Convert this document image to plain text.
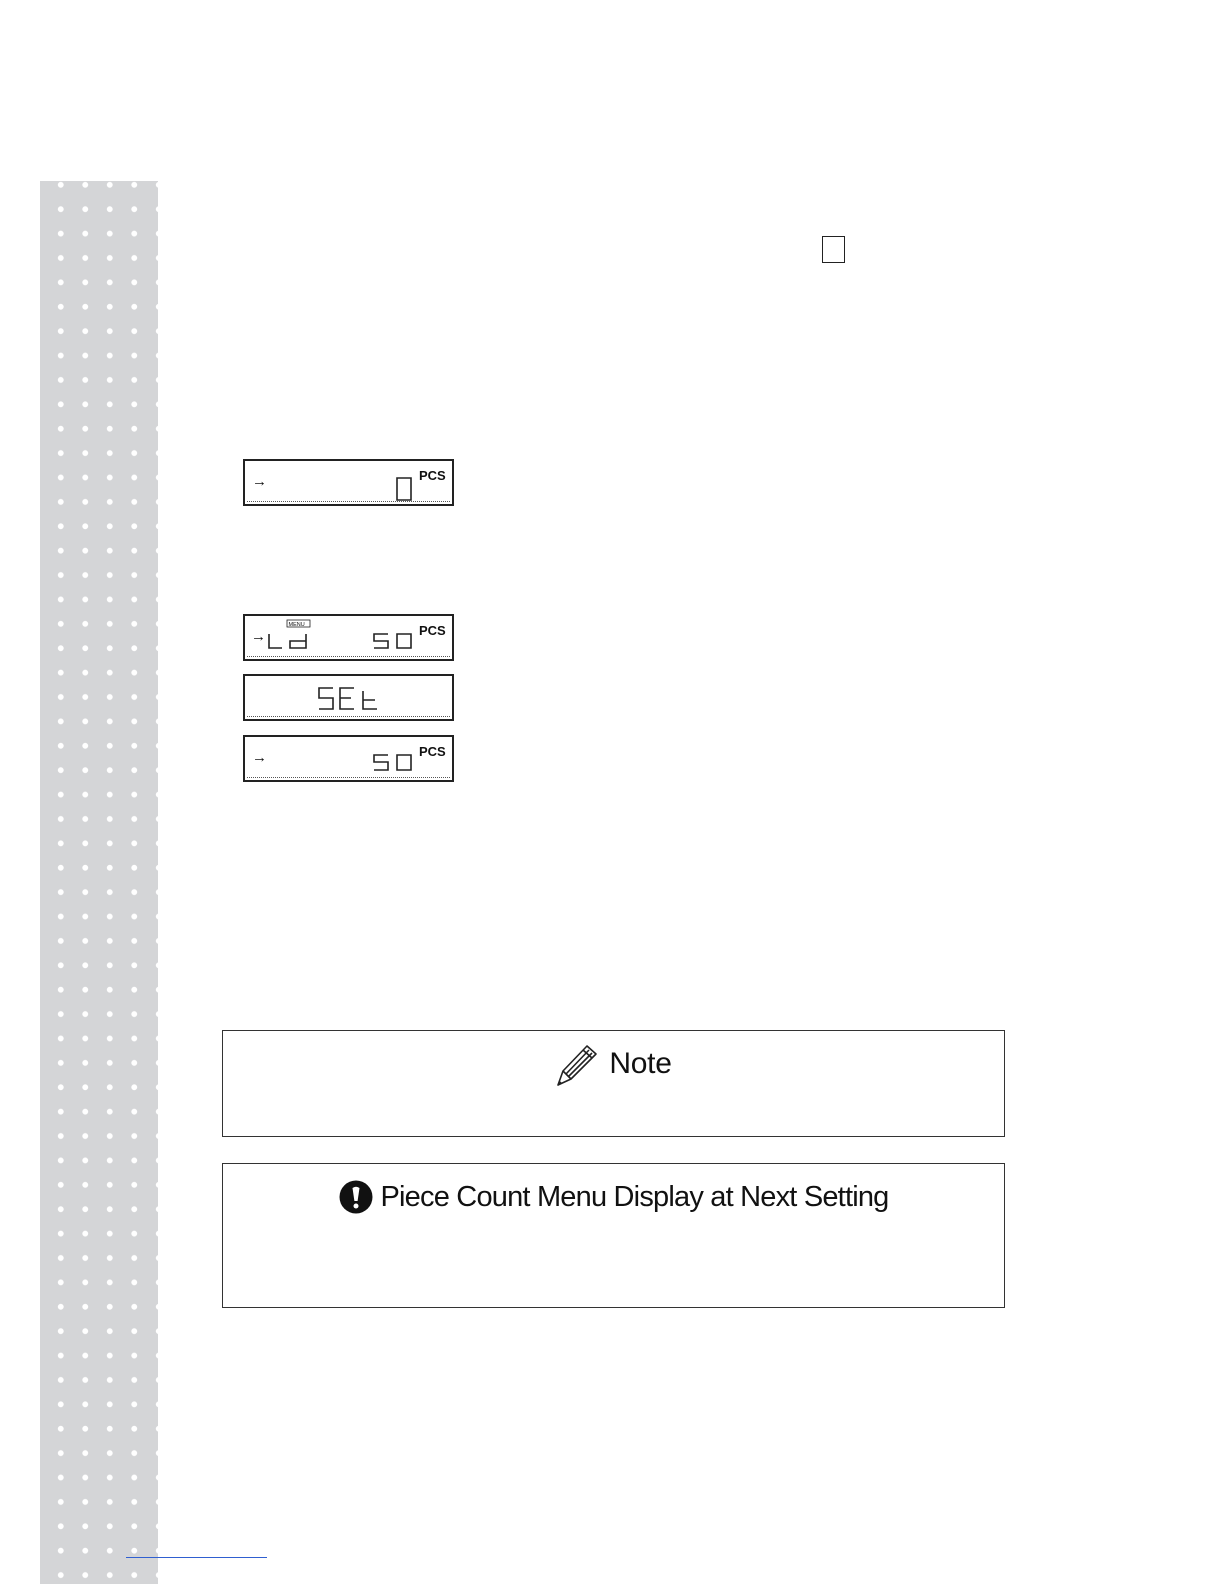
→	PCS
→
MENU	PCS
→	PCS
Note
Piece Count Menu Display at Next Setting
